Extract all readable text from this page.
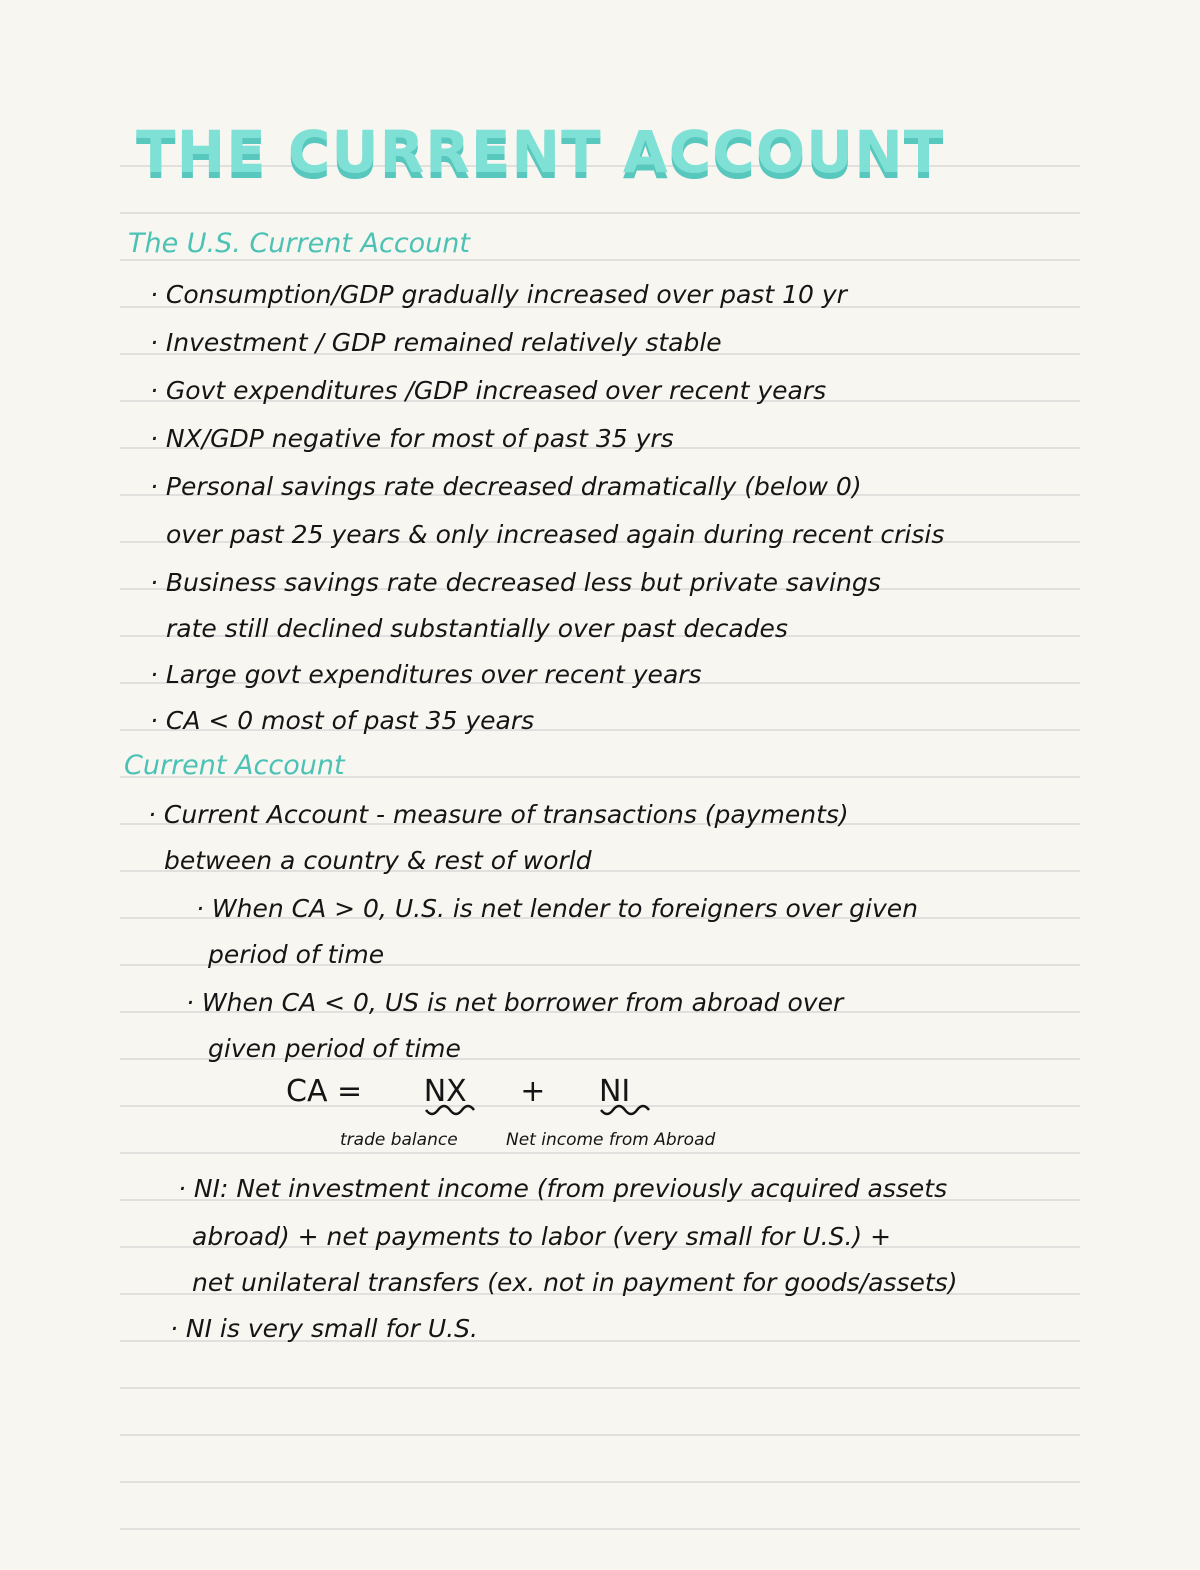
THE CURRENT ACCOUNT
The U.S. Current Account
· Consumption/GDP gradually increased over past 10 yr
· Investment / GDP remained relatively stable
· Govt expenditures /GDP increased over recent years
· NX/GDP negative for most of past 35 yrs
· Personal savings rate decreased dramatically (below 0)
over past 25 years & only increased again during recent crisis
· Business savings rate decreased less but private savings
rate still declined substantially over past decades
· Large govt expenditures over recent years
· CA < 0 most of past 35 years
Current Account
· Current Account - measure of transactions (payments)
between a country & rest of world
· When CA > 0, U.S. is net lender to foreigners over given
period of time
· When CA < 0, US is net borrower from abroad over
given period of time
CA = NX + NI
trade balance	Net income from Abroad
· NI: Net investment income (from previously acquired assets
abroad) + net payments to labor (very small for U.S.) +
net unilateral transfers (ex. not in payment for goods/assets)
· NI is very small for U.S.
